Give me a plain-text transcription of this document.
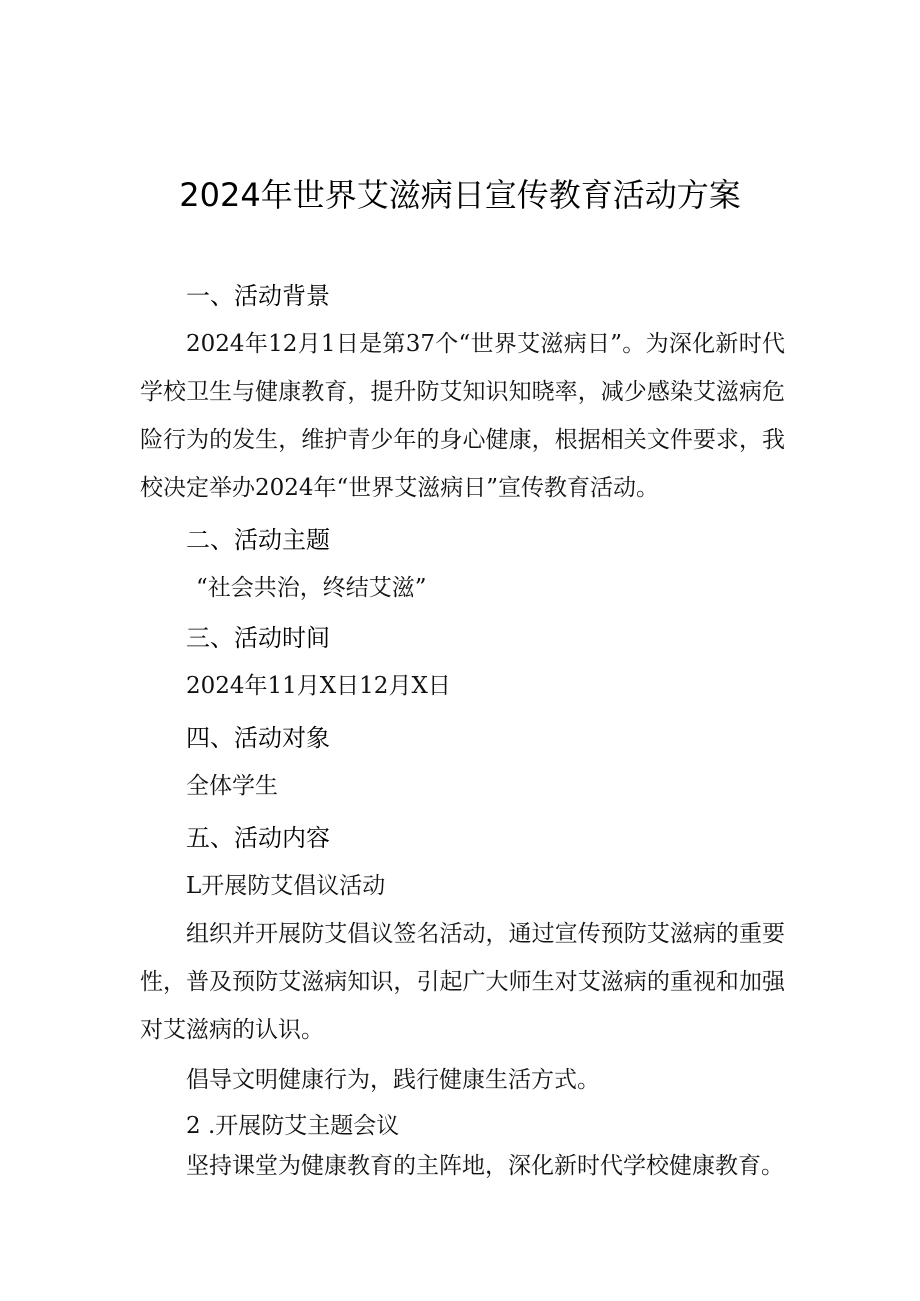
2024年世界艾滋病日宣传教育活动方案
一、活动背景
2024年12月1日是第37个“世界艾滋病日”。为深化新时代
学校卫生与健康教育，提升防艾知识知晓率，减少感染艾滋病危
险行为的发生，维护青少年的身心健康，根据相关文件要求，我
校决定举办2024年“世界艾滋病日”宣传教育活动。
二、活动主题
“社会共治，终结艾滋”
三、活动时间
2024年11月X日12月X日
四、活动对象
全体学生
五、活动内容
L开展防艾倡议活动
组织并开展防艾倡议签名活动，通过宣传预防艾滋病的重要
性，普及预防艾滋病知识，引起广大师生对艾滋病的重视和加强
对艾滋病的认识。
倡导文明健康行为，践行健康生活方式。
2 .开展防艾主题会议
坚持课堂为健康教育的主阵地，深化新时代学校健康教育。
